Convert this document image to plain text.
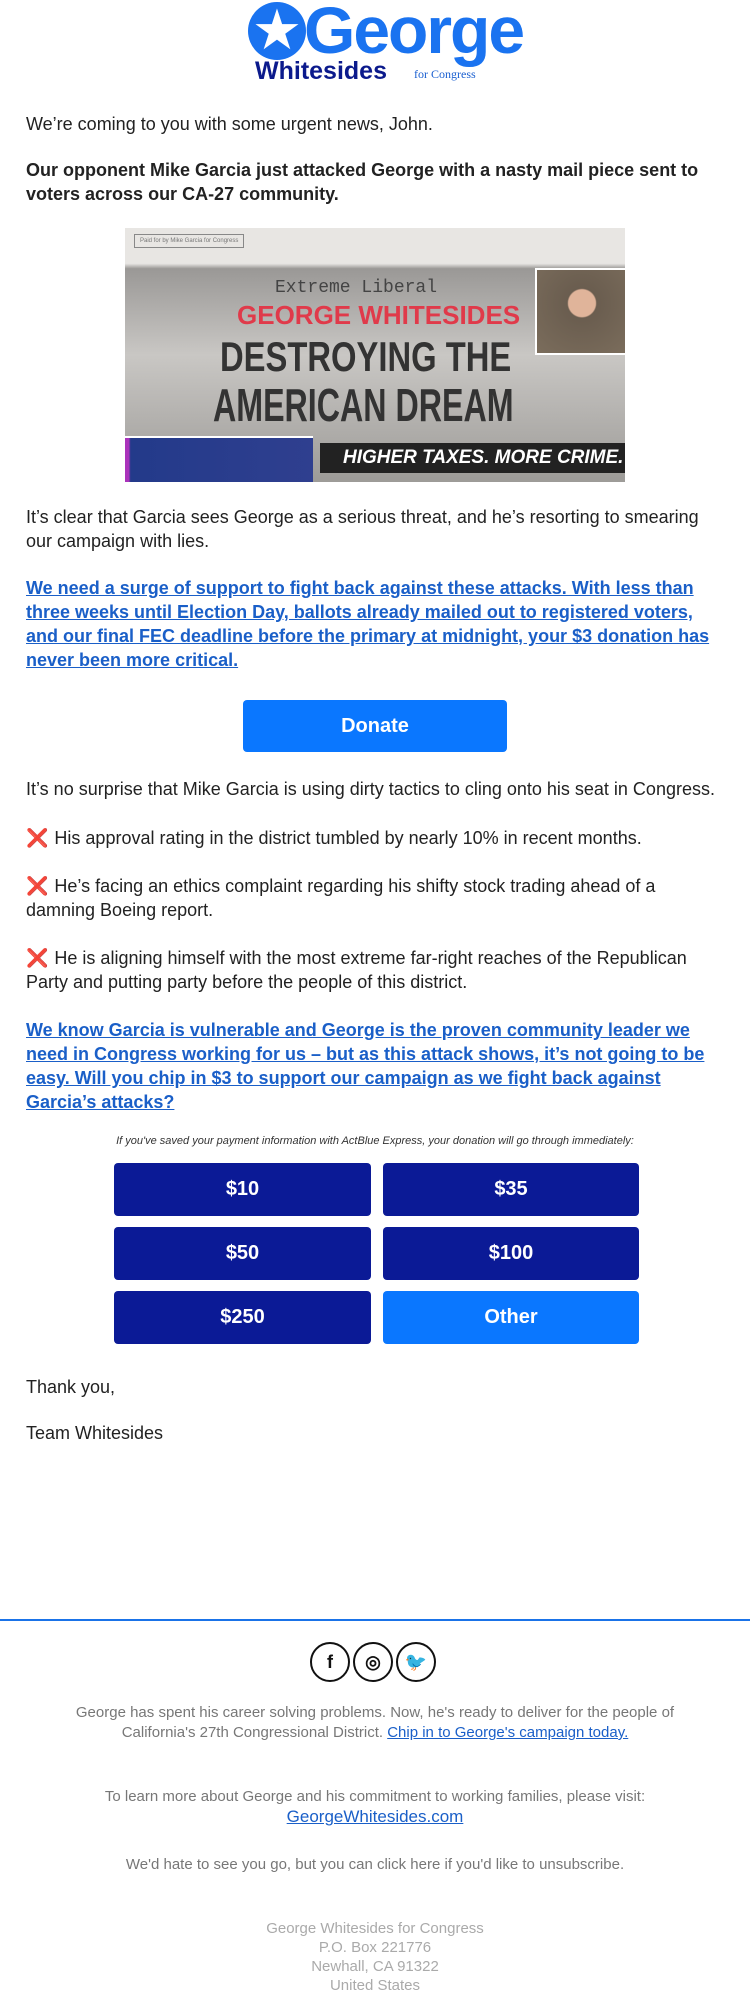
★ George
Whitesides for Congress

We’re coming to you with some urgent news, John.

Our opponent Mike Garcia just attacked George with a nasty mail piece sent to voters across our CA-27 community.

Paid for by Mike Garcia for Congress
Extreme Liberal
GEORGE WHITESIDES
DESTROYING THE
AMERICAN DREAM
HIGHER TAXES. MORE CRIME.

It’s clear that Garcia sees George as a serious threat, and he’s resorting to smearing our campaign with lies.

We need a surge of support to fight back against these attacks. With less than three weeks until Election Day, ballots already mailed out to registered voters, and our final FEC deadline before the primary at midnight, your $3 donation has never been more critical.

Donate

It’s no surprise that Mike Garcia is using dirty tactics to cling onto his seat in Congress.

❌ His approval rating in the district tumbled by nearly 10% in recent months.

❌ He’s facing an ethics complaint regarding his shifty stock trading ahead of a damning Boeing report.

❌ He is aligning himself with the most extreme far-right reaches of the Republican Party and putting party before the people of this district.

We know Garcia is vulnerable and George is the proven community leader we need in Congress working for us – but as this attack shows, it’s not going to be easy. Will you chip in $3 to support our campaign as we fight back against Garcia’s attacks?

If you've saved your payment information with ActBlue Express, your donation will go through immediately:
$10	$35
$50	$100
$250	Other

Thank you,

Team Whitesides

f	◎	🐦
George has spent his career solving problems. Now, he's ready to deliver for the people of California's 27th Congressional District. Chip in to George's campaign today.
To learn more about George and his commitment to working families, please visit:
GeorgeWhitesides.com
We'd hate to see you go, but you can click here if you'd like to unsubscribe.
George Whitesides for Congress
P.O. Box 221776
Newhall, CA 91322
United States
